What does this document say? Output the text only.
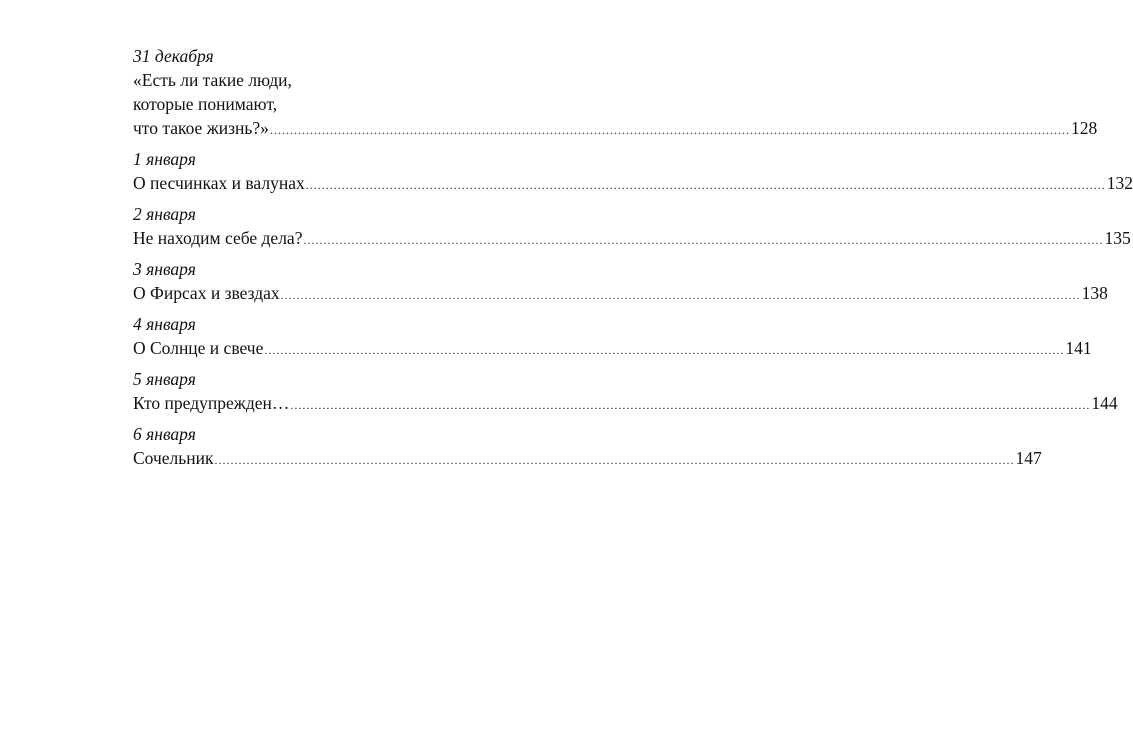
31 декабря
«Есть ли такие люди,
которые понимают,
что такое жизнь?» ........................................................................................................................................................................................................ 128
1 января
О песчинках и валунах ........................................................................................................................................................................................................ 132
2 января
Не находим себе дела? ........................................................................................................................................................................................................ 135
3 января
О Фирсах и звездах ........................................................................................................................................................................................................ 138
4 января
О Солнце и свече ........................................................................................................................................................................................................ 141
5 января
Кто предупрежден… ........................................................................................................................................................................................................ 144
6 января
Сочельник ........................................................................................................................................................................................................ 147
